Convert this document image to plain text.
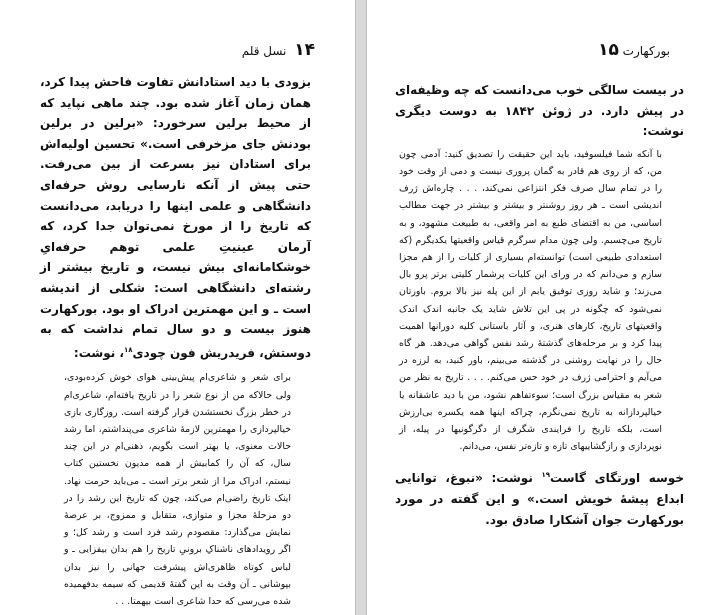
۱۴ نسل قلم

بزودی با دید استادانش تفاوت فاحش پیدا کرد، همان زمان آغاز شده بود. چند ماهی نپاید که از محیط برلین سرخورد: «برلین در برلین بودنش جای مزخرفی است.» تحسین اولیه‌اش برای استادان نیز بسرعت از بین می‌رفت. حتی پیش از آنکه نارسایی روش حرفه‌ای دانشگاهی و علمی اینها را دریابد، می‌دانست که تاریخ را از مورخ نمی‌توان جدا کرد، که آرمان عینیتِ علمی توهم حرفه‌ایِ خوشکامانه‌ای بیش نیست، و تاریخ بیشتر از رشته‌ای دانشگاهی است: شکلی از اندیشه است ـ و این مهمترین ادراک او بود. بورکهارت هنوز بیست و دو سال تمام نداشت که به دوستش، فریدریش فون چودی$^{۱۸}$، نوشت:

برای شعر و شاعری‌ام پیش‌بینی هوای خوش کرده‌بودی، ولی حالاکه من از نوع شعر را در تاریخ یافته‌ام، شاعری‌ام در خطر بزرگ نخستشدن قرار گرفته است. روزگاری بازی خیالپردازی را مهمترین لازمهٔ شاعری می‌پنداشتم، اما رشد حالات معنوی، یا بهتر است بگویم، ذهنی‌ام در این چند سال، که آن را کمابیش از همه مدیون نخستین کتاب نیستم، ادراک مرا از شعر برتر است ـ می‌باید حرمت نهاد. اینک تاریخ راضی‌ام می‌کند، چون که تاریخ این رشد را در دو مرحلهٔ مجزا و متوازی، متقابل و ممزوج، بر عرصهٔ نمایش می‌گذارد: مقصودم رشد فرد است و رشد کل؛ و اگر رویدادهای ناشناکِ برونیِ تاریخ را هم بدان بیفزایی ـ و لباس کوتاه ظاهری‌اش پیشرفت جهانی را نیز بدان بپوشانی ـ آن وقت به این گفتهٔ قدیمی که سیمه بدفهمیده شده می‌رسی که حدا شاعری است بیهمتا. . .

بورکهارت ۱۵

در بیست سالگی خوب می‌دانست که چه وظیفه‌ای در پیش دارد. در ژوئن ۱۸۴۲ به دوست دیگری نوشت:

با آنکه شما فیلسوفید، باید این حقیقت را تصدیق کنید: آدمی چون من، که از روی هم قادر به گمان پروری نیست و دمی از وقت خود را در تمام سال صرف فکر انتزاعی نمی‌کند، . . . چاره‌اش ژرف اندیشی است ـ هر روز روشنتر و بیشتر و بیشتر در جهت مطالب اساسی، من به اقتضای طبع به امر واقعی، به طبیعت مشهود، و به تاریخ می‌چسبم. ولی چون مدام سرگرم قیاس واقعیتها یکدیگرم (که استعدادی طبیعی است) توانسته‌ام بسیاری از کلیات را از هم مجزا سازم و می‌دانم که در ورای این کلیات پرشمار کلیتی برتر پرو بال می‌زند؛ و شاید روزی توفیق یابم از این پله نیز بالا بروم. باورتان نمی‌شود که چگونه در پی این تلاش شاید یک جانبه اندک اندک واقعیتهای تاریخ، کارهای هنری، و آثار باستانی کلیه دورانها اهمیت پیدا کرد و بر مرحله‌های گذشتهٔ رشد نفس گواهی می‌دهد. هر گاه حال را در نهایت روشنی در گذشته می‌بینم، باور کنید، به لرزه در می‌آیم و احترامی ژرف در خود حس می‌کنم. . . . تاریخ به نظر من شعر به مقیاس بزرگ است؛ سوءتفاهم نشود، من با دید عاشقانه یا خیالپردازانه به تاریخ نمی‌نگرم، چراکه اینها همه یکسره بی‌ارزش است، بلکه تاریخ را فرایندی شگرف از دگرگونیها در پیله، از نوپردازی و رازگشاییهای تازه و تازه‌تر نفس، می‌دانم.

خوسه اورتگای گاست$^{۱۹}$ نوشت: «نبوغ، توانایی ابداع پیشهٔ خویش است.» و این گفته در مورد بورکهارت جوان آشکارا صادق بود.
